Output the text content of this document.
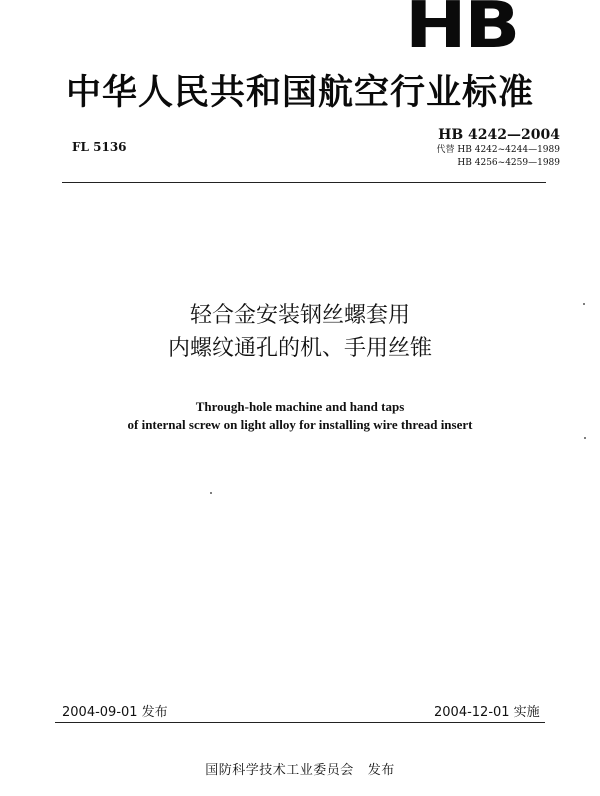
HB
中华人民共和国航空行业标准
FL 5136
HB 4242—2004
代替 HB 4242~4244—1989
HB 4256~4259—1989
轻合金安装钢丝螺套用
内螺纹通孔的机、手用丝锥
Through-hole machine and hand taps
of internal screw on light alloy for installing wire thread insert
2004-09-01 发布	2004-12-01 实施
国防科学技术工业委员会 发布
